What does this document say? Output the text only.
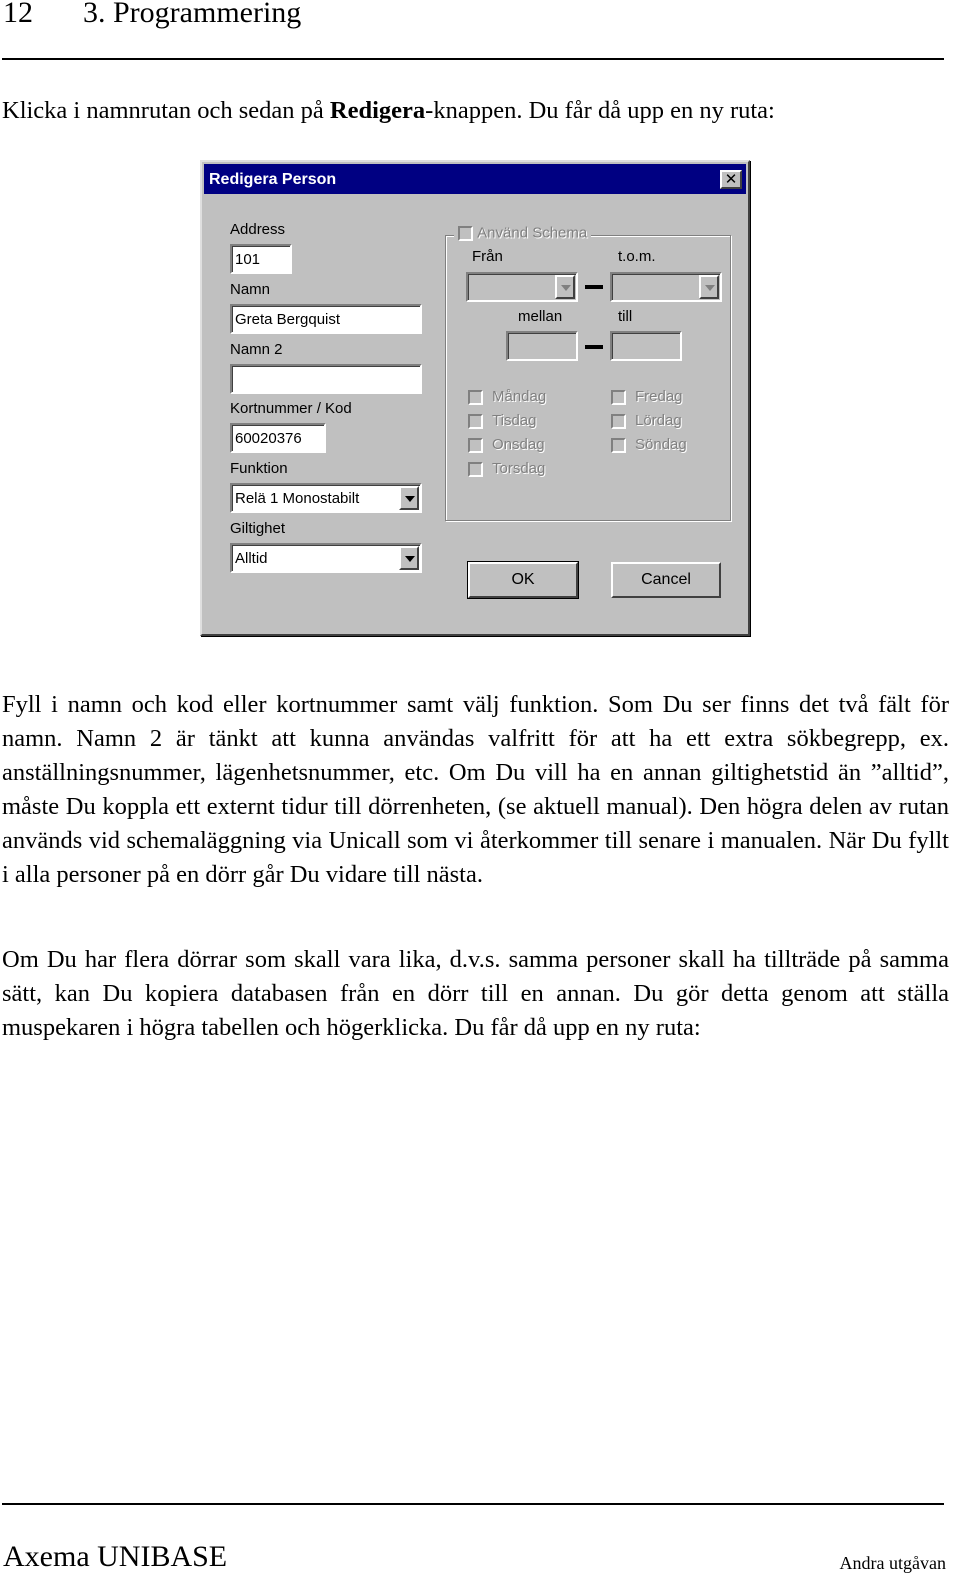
12 3. Programmering

Klicka i namnrutan och sedan på Redigera-knappen. Du får då upp en ny ruta:

Redigera Person	✕
Address
101
Namn
Greta Bergquist
Namn 2
Kortnummer / Kod
60020376
Funktion
Relä 1 Monostabilt
Giltighet
Alltid
Använd Schema
Från	t.o.m.
mellan	till
Måndag
Tisdag
Onsdag
Torsdag
Fredag
Lördag
Söndag
OK	Cancel

Fyll i namn och kod eller kortnummer samt välj funktion. Som Du ser finns det två fält för namn. Namn 2 är tänkt att kunna användas valfritt för att ha ett extra sökbegrepp, ex. anställningsnummer, lägenhetsnummer, etc. Om Du vill ha en annan giltighetstid än ”alltid”, måste Du koppla ett externt tidur till dörrenheten, (se aktuell manual). Den högra delen av rutan används vid schemaläggning via Unicall som vi återkommer till senare i manualen. När Du fyllt i alla personer på en dörr går Du vidare till nästa.

Om Du har flera dörrar som skall vara lika, d.v.s. samma personer skall ha tillträde på samma sätt, kan Du kopiera databasen från en dörr till en annan. Du gör detta genom att ställa muspekaren i högra tabellen och högerklicka. Du får då upp en ny ruta:

Axema UNIBASE	Andra utgåvan
